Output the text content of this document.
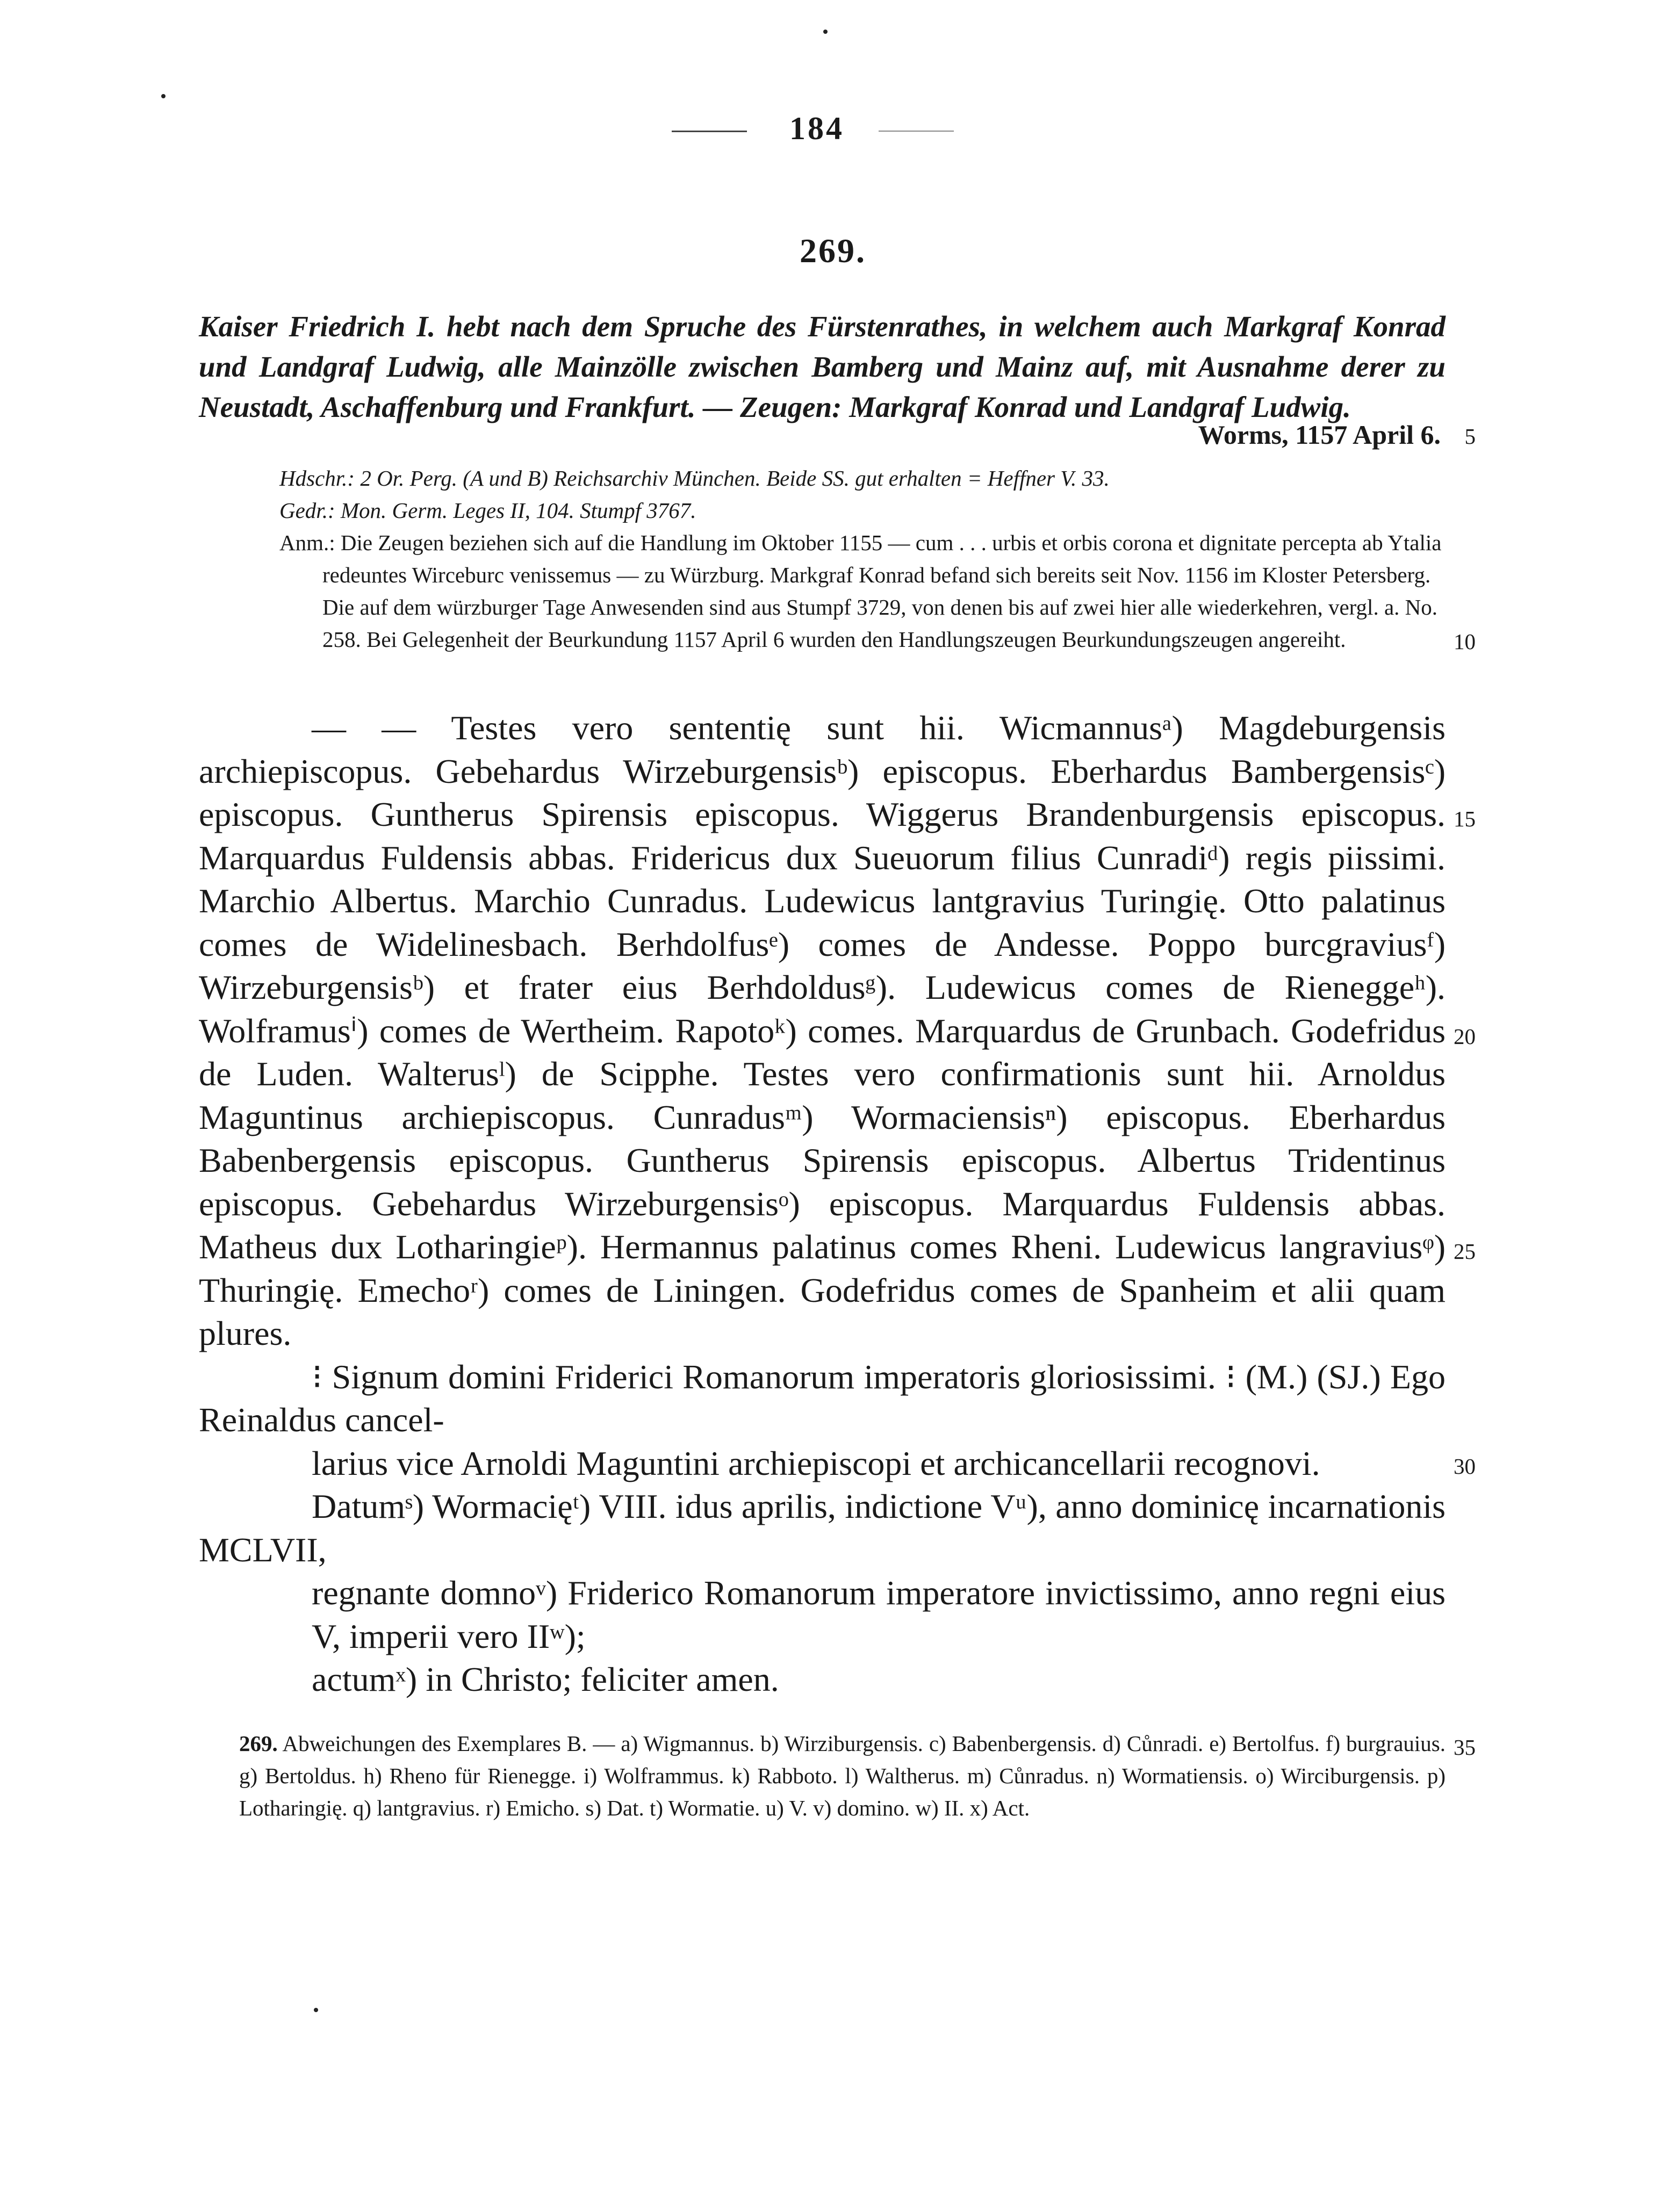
184
269.
Kaiser Friedrich I. hebt nach dem Spruche des Fürstenrathes, in welchem auch Markgraf Konrad und Landgraf Ludwig, alle Mainzölle zwischen Bamberg und Mainz auf, mit Ausnahme derer zu Neustadt, Aschaffenburg und Frankfurt. — Zeugen: Markgraf Konrad und Landgraf Ludwig.
Worms, 1157 April 6.

Hdschr.: 2 Or. Perg. (A und B) Reichsarchiv München. Beide SS. gut erhalten = Heffner V. 33.

Gedr.: Mon. Germ. Leges II, 104. Stumpf 3767.

Anm.: Die Zeugen beziehen sich auf die Handlung im Oktober 1155 — cum . . . urbis et orbis corona et dignitate percepta ab Ytalia redeuntes Wirceburc venissemus — zu Würzburg. Markgraf Konrad befand sich bereits seit Nov. 1156 im Kloster Petersberg. Die auf dem würzburger Tage Anwesenden sind aus Stumpf 3729, von denen bis auf zwei hier alle wiederkehren, vergl. a. No. 258. Bei Gelegenheit der Beurkundung 1157 April 6 wurden den Handlungszeugen Beurkundungszeugen angereiht.

— — Testes vero sententię sunt hii. Wicmannusᵃ) Magdeburgensis archiepiscopus. Gebehardus Wirzeburgensisᵇ) episcopus. Eberhardus Bambergensisᶜ) episcopus. Guntherus Spirensis episcopus. Wiggerus Brandenburgensis episcopus. Marquardus Fuldensis abbas. Fridericus dux Sueuorum filius Cunradiᵈ) regis piissimi. Marchio Albertus. Marchio Cunradus. Ludewicus lantgravius Turingię. Otto palatinus comes de Widelinesbach. Berhdolfusᵉ) comes de Andesse. Poppo burcgraviusᶠ) Wirzeburgensisᵇ) et frater eius Berhdoldusᵍ). Ludewicus comes de Rieneggeʰ). Wolframusⁱ) comes de Wertheim. Rapotoᵏ) comes. Marquardus de Grunbach. Godefridus de Luden. Walterusˡ) de Scipphe. Testes vero confirmationis sunt hii. Arnoldus Maguntinus archiepiscopus. Cunradusᵐ) Wormaciensisⁿ) episcopus. Eberhardus Babenbergensis episcopus. Guntherus Spirensis episcopus. Albertus Tridentinus episcopus. Gebehardus Wirzeburgensisᵒ) episcopus. Marquardus Fuldensis abbas. Matheus dux Lotharingieᵖ). Hermannus palatinus comes Rheni. Ludewicus langraviusᵠ) Thuringię. Emechoʳ) comes de Liningen. Godefridus comes de Spanheim et alii quam plures.

⁝ Signum domini Friderici Romanorum imperatoris gloriosissimi. ⁝ (M.) (SJ.) Ego Reinaldus cancel-

larius vice Arnoldi Maguntini archiepiscopi et archicancellarii recognovi.

Datumˢ) Wormacięᵗ) VIII. idus aprilis, indictione Vᵘ), anno dominicę incarnationis MCLVII,

regnante domnoᵛ) Friderico Romanorum imperatore invictissimo, anno regni eius V, imperii vero IIʷ);

actumˣ) in Christo; feliciter amen.

269. Abweichungen des Exemplares B. — a) Wigmannus. b) Wirziburgensis. c) Babenbergensis. d) Cůnradi. e) Bertolfus. f) burgrauius. g) Bertoldus. h) Rheno für Rienegge. i) Wolframmus. k) Rabboto. l) Waltherus. m) Cůnradus. n) Wormatiensis. o) Wirciburgensis. p) Lotharingię. q) lantgravius. r) Emicho. s) Dat. t) Wormatie. u) V. v) domino. w) II. x) Act.
5
10
15
20
25
30
35
